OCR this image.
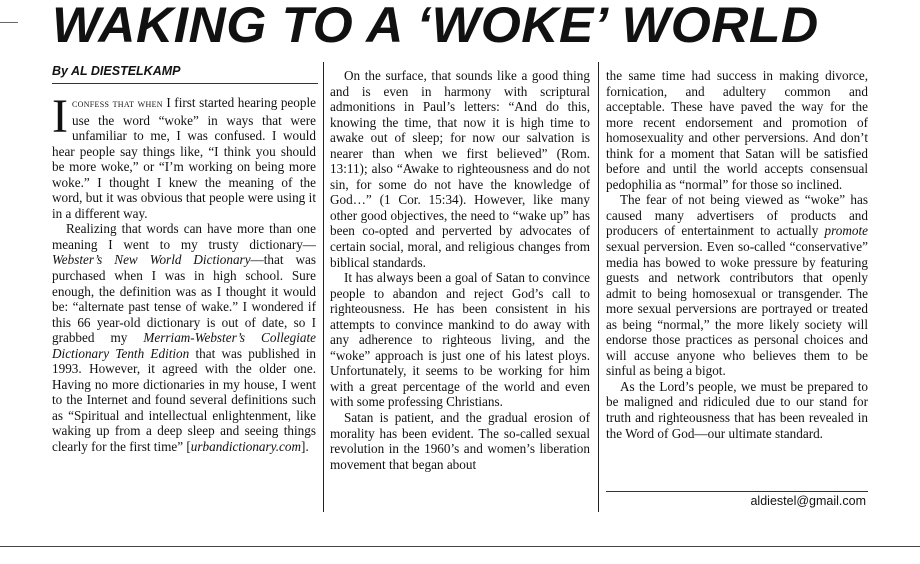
WAKING TO A ‘WOKE’ WORLD
By AL DIESTELKAMP

Iconfess that when I first started hearing people use the word “woke” in ways that were unfamiliar to me, I was confused. I would hear people say things like, “I think you should be more woke,” or “I’m working on being more woke.” I thought I knew the meaning of the word, but it was obvious that people were using it in a different way.

Realizing that words can have more than one meaning I went to my trusty dictionary—Webster’s New World Dictionary—that was purchased when I was in high school. Sure enough, the definition was as I thought it would be: “alternate past tense of wake.” I wondered if this 66 year-old dictionary is out of date, so I grabbed my Merriam-Webster’s Collegiate Dictionary Tenth Edition that was published in 1993. However, it agreed with the older one. Having no more dictionaries in my house, I went to the Internet and found several definitions such as “Spiritual and intellectual enlightenment, like waking up from a deep sleep and seeing things clearly for the first time” [urbandictionary.com].

On the surface, that sounds like a good thing and is even in harmony with scriptural admonitions in Paul’s letters: “And do this, knowing the time, that now it is high time to awake out of sleep; for now our salvation is nearer than when we first believed” (Rom. 13:11); also “Awake to righteousness and do not sin, for some do not have the knowledge of God…” (1 Cor. 15:34). However, like many other good objectives, the need to “wake up” has been co-opted and perverted by advocates of certain social, moral, and religious changes from biblical standards.

It has always been a goal of Satan to convince people to abandon and reject God’s call to righteousness. He has been consistent in his attempts to convince mankind to do away with any adherence to righteous living, and the “woke” approach is just one of his latest ploys. Unfortunately, it seems to be working for him with a great percentage of the world and even with some professing Christians.

Satan is patient, and the gradual erosion of morality has been evident. The so-called sexual revolution in the 1960’s and women’s liberation movement that began about

the same time had success in making divorce, fornication, and adultery common and acceptable. These have paved the way for the more recent endorsement and promotion of homosexuality and other perversions. And don’t think for a moment that Satan will be satisfied before and until the world accepts consensual pedophilia as “normal” for those so inclined.

The fear of not being viewed as “woke” has caused many advertisers of products and producers of entertainment to actually promote sexual perversion. Even so-called “conservative” media has bowed to woke pressure by featuring guests and network contributors that openly admit to being homosexual or transgender. The more sexual perversions are portrayed or treated as being “normal,” the more likely society will endorse those practices as personal choices and will accuse anyone who believes them to be sinful as being a bigot.

As the Lord’s people, we must be prepared to be maligned and ridiculed due to our stand for truth and righteousness that has been revealed in the Word of God—our ultimate standard.

aldiestel@gmail.com
